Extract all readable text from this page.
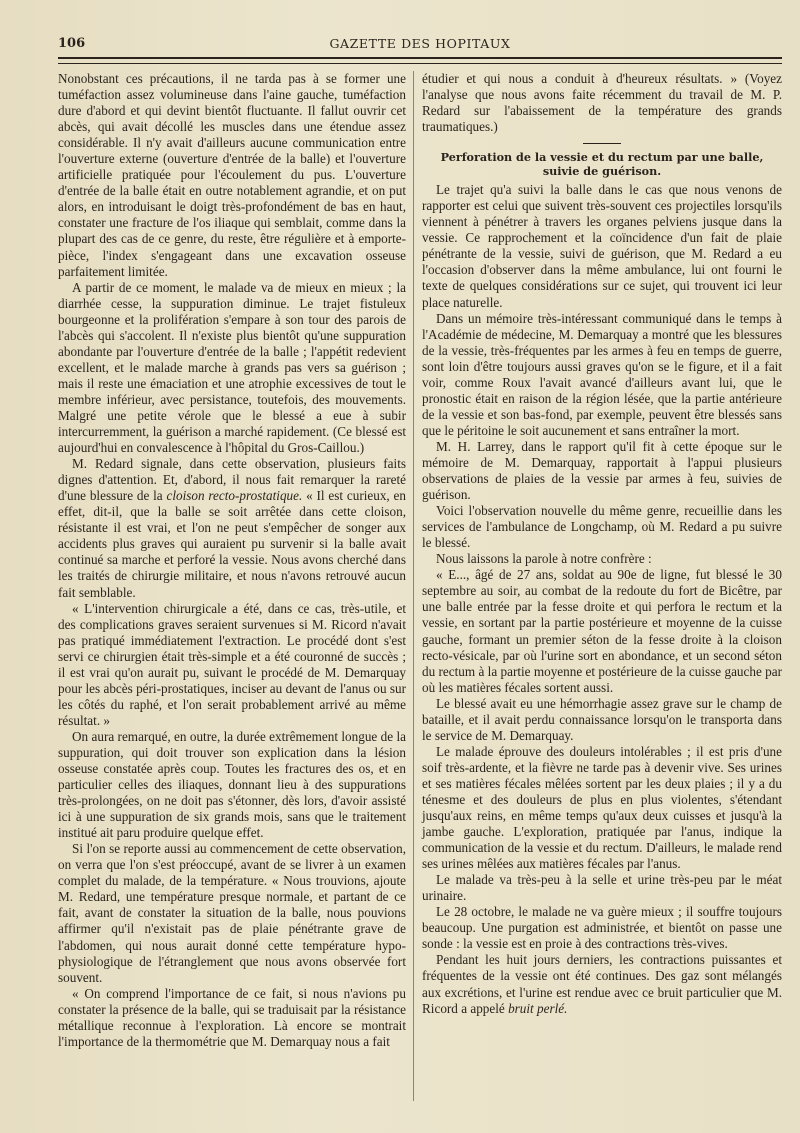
106	GAZETTE DES HOPITAUX

Nonobstant ces précautions, il ne tarda pas à se former une tuméfaction assez volumineuse dans l'aine gauche, tuméfaction dure d'abord et qui devint bientôt fluctuante. Il fallut ouvrir cet abcès, qui avait décollé les muscles dans une étendue assez considérable. Il n'y avait d'ailleurs aucune communication entre l'ouverture externe (ouverture d'entrée de la balle) et l'ouverture artificielle pratiquée pour l'écoulement du pus. L'ouverture d'entrée de la balle était en outre notablement agrandie, et on put alors, en introduisant le doigt très-profondément de bas en haut, constater une fracture de l'os iliaque qui semblait, comme dans la plupart des cas de ce genre, du reste, être régulière et à emporte-pièce, l'index s'engageant dans une excavation osseuse parfaitement limitée.

A partir de ce moment, le malade va de mieux en mieux ; la diarrhée cesse, la suppuration diminue. Le trajet fistuleux bourgeonne et la prolifération s'empare à son tour des parois de l'abcès qui s'accolent. Il n'existe plus bientôt qu'une suppuration abondante par l'ouverture d'entrée de la balle ; l'appétit redevient excellent, et le malade marche à grands pas vers sa guérison ; mais il reste une émaciation et une atrophie excessives de tout le membre inférieur, avec persistance, toutefois, des mouvements. Malgré une petite vérole que le blessé a eue à subir intercurremment, la guérison a marché rapidement. (Ce blessé est aujourd'hui en convalescence à l'hôpital du Gros-Caillou.)

M. Redard signale, dans cette observation, plusieurs faits dignes d'attention. Et, d'abord, il nous fait remarquer la rareté d'une blessure de la cloison recto-prostatique. « Il est curieux, en effet, dit-il, que la balle se soit arrêtée dans cette cloison, résistante il est vrai, et l'on ne peut s'empêcher de songer aux accidents plus graves qui auraient pu survenir si la balle avait continué sa marche et perforé la vessie. Nous avons cherché dans les traités de chirurgie militaire, et nous n'avons retrouvé aucun fait semblable.

« L'intervention chirurgicale a été, dans ce cas, très-utile, et des complications graves seraient survenues si M. Ricord n'avait pas pratiqué immédiatement l'extraction. Le procédé dont s'est servi ce chirurgien était très-simple et a été couronné de succès ; il est vrai qu'on aurait pu, suivant le procédé de M. Demarquay pour les abcès péri-prostatiques, inciser au devant de l'anus ou sur les côtés du raphé, et l'on serait probablement arrivé au même résultat. »

On aura remarqué, en outre, la durée extrêmement longue de la suppuration, qui doit trouver son explication dans la lésion osseuse constatée après coup. Toutes les fractures des os, et en particulier celles des iliaques, donnant lieu à des suppurations très-prolongées, on ne doit pas s'étonner, dès lors, d'avoir assisté ici à une suppuration de six grands mois, sans que le traitement institué ait paru produire quelque effet.

Si l'on se reporte aussi au commencement de cette observation, on verra que l'on s'est préoccupé, avant de se livrer à un examen complet du malade, de la température. « Nous trouvions, ajoute M. Redard, une température presque normale, et partant de ce fait, avant de constater la situation de la balle, nous pouvions affirmer qu'il n'existait pas de plaie pénétrante grave de l'abdomen, qui nous aurait donné cette température hypo-physiologique de l'étranglement que nous avons observée fort souvent.

« On comprend l'importance de ce fait, si nous n'avions pu constater la présence de la balle, qui se traduisait par la résistance métallique reconnue à l'exploration. Là encore se montrait l'importance de la thermométrie que M. Demarquay nous a fait

étudier et qui nous a conduit à d'heureux résultats. » (Voyez l'analyse que nous avons faite récemment du travail de M. P. Redard sur l'abaissement de la température des grands traumatiques.)

Perforation de la vessie et du rectum par une balle, suivie de guérison.

Le trajet qu'a suivi la balle dans le cas que nous venons de rapporter est celui que suivent très-souvent ces projectiles lorsqu'ils viennent à pénétrer à travers les organes pelviens jusque dans la vessie. Ce rapprochement et la coïncidence d'un fait de plaie pénétrante de la vessie, suivi de guérison, que M. Redard a eu l'occasion d'observer dans la même ambulance, lui ont fourni le texte de quelques considérations sur ce sujet, qui trouvent ici leur place naturelle.

Dans un mémoire très-intéressant communiqué dans le temps à l'Académie de médecine, M. Demarquay a montré que les blessures de la vessie, très-fréquentes par les armes à feu en temps de guerre, sont loin d'être toujours aussi graves qu'on se le figure, et il a fait voir, comme Roux l'avait avancé d'ailleurs avant lui, que le pronostic était en raison de la région lésée, que la partie antérieure de la vessie et son bas-fond, par exemple, peuvent être blessés sans que le péritoine le soit aucunement et sans entraîner la mort.

M. H. Larrey, dans le rapport qu'il fit à cette époque sur le mémoire de M. Demarquay, rapportait à l'appui plusieurs observations de plaies de la vessie par armes à feu, suivies de guérison.

Voici l'observation nouvelle du même genre, recueillie dans les services de l'ambulance de Longchamp, où M. Redard a pu suivre le blessé.

Nous laissons la parole à notre confrère :

« E..., âgé de 27 ans, soldat au 90e de ligne, fut blessé le 30 septembre au soir, au combat de la redoute du fort de Bicêtre, par une balle entrée par la fesse droite et qui perfora le rectum et la vessie, en sortant par la partie postérieure et moyenne de la cuisse gauche, formant un premier séton de la fesse droite à la cloison recto-vésicale, par où l'urine sort en abondance, et un second séton du rectum à la partie moyenne et postérieure de la cuisse gauche par où les matières fécales sortent aussi.

Le blessé avait eu une hémorrhagie assez grave sur le champ de bataille, et il avait perdu connaissance lorsqu'on le transporta dans le service de M. Demarquay.

Le malade éprouve des douleurs intolérables ; il est pris d'une soif très-ardente, et la fièvre ne tarde pas à devenir vive. Ses urines et ses matières fécales mêlées sortent par les deux plaies ; il y a du ténesme et des douleurs de plus en plus violentes, s'étendant jusqu'aux reins, en même temps qu'aux deux cuisses et jusqu'à la jambe gauche. L'exploration, pratiquée par l'anus, indique la communication de la vessie et du rectum. D'ailleurs, le malade rend ses urines mêlées aux matières fécales par l'anus.

Le malade va très-peu à la selle et urine très-peu par le méat urinaire.

Le 28 octobre, le malade ne va guère mieux ; il souffre toujours beaucoup. Une purgation est administrée, et bientôt on passe une sonde : la vessie est en proie à des contractions très-vives.

Pendant les huit jours derniers, les contractions puissantes et fréquentes de la vessie ont été continues. Des gaz sont mélangés aux excrétions, et l'urine est rendue avec ce bruit particulier que M. Ricord a appelé bruit perlé.
